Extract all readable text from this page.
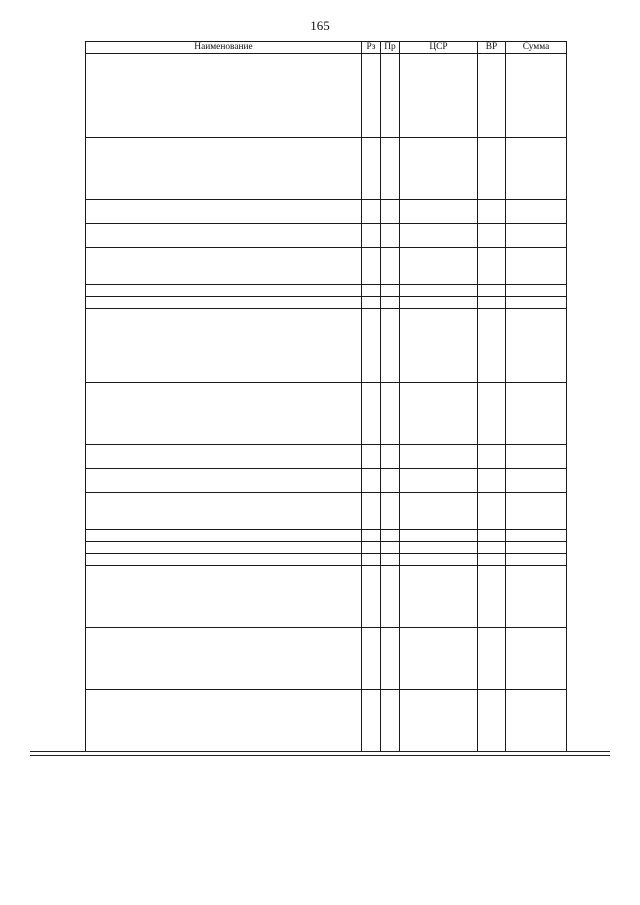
165
Наименование	Рз	Пр	ЦСР	ВР	Сумма
